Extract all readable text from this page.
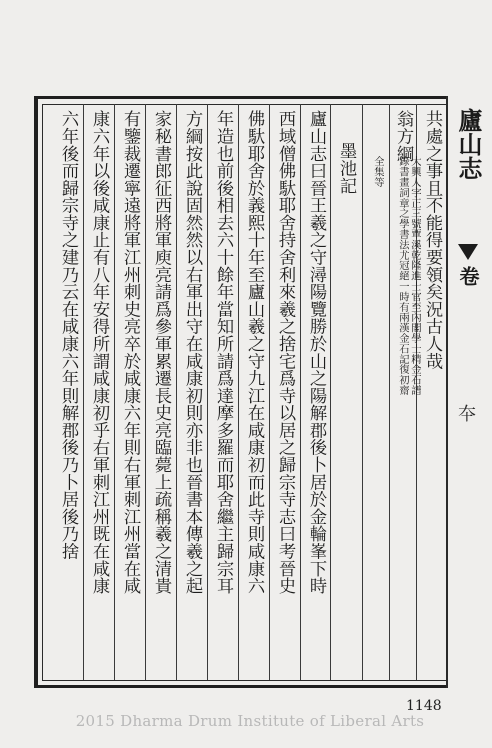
廬山志
卷
夲
共處之事且不能得要領矣況古人哉
翁方綱
大興人字正三號覃溪乾隆進士官至內閣學士精金石譜
錄書畫詞章之學書法尤冠絕一時有兩漢金石記復初齋
全集等
墨池記
廬山志曰晉王羲之守潯陽覽勝於山之陽解郡後卜居於金輪峯下時
西域僧佛馱耶舍持舍利來羲之捨宅爲寺以居之歸宗寺志曰考晉史
佛馱耶舍於義熙十年至廬山羲之守九江在咸康初而此寺則咸康六
年造也前後相去六十餘年當知所請爲達摩多羅而耶舍繼主歸宗耳
方綱按此說固然然以右軍出守在咸康初則亦非也晉書本傳羲之起
家秘書郎征西將軍庾亮請爲參軍累遷長史亮臨薨上疏稱羲之清貴
有鑒裁遷寧遠將軍江州刺史亮卒於咸康六年則右軍刺江州當在咸
康六年以後咸康止有八年安得所謂咸康初乎右軍刺江州既在咸康
六年後而歸宗寺之建乃云在咸康六年則解郡後乃卜居後乃捨
1148
2015 Dharma Drum Institute of Liberal Arts
